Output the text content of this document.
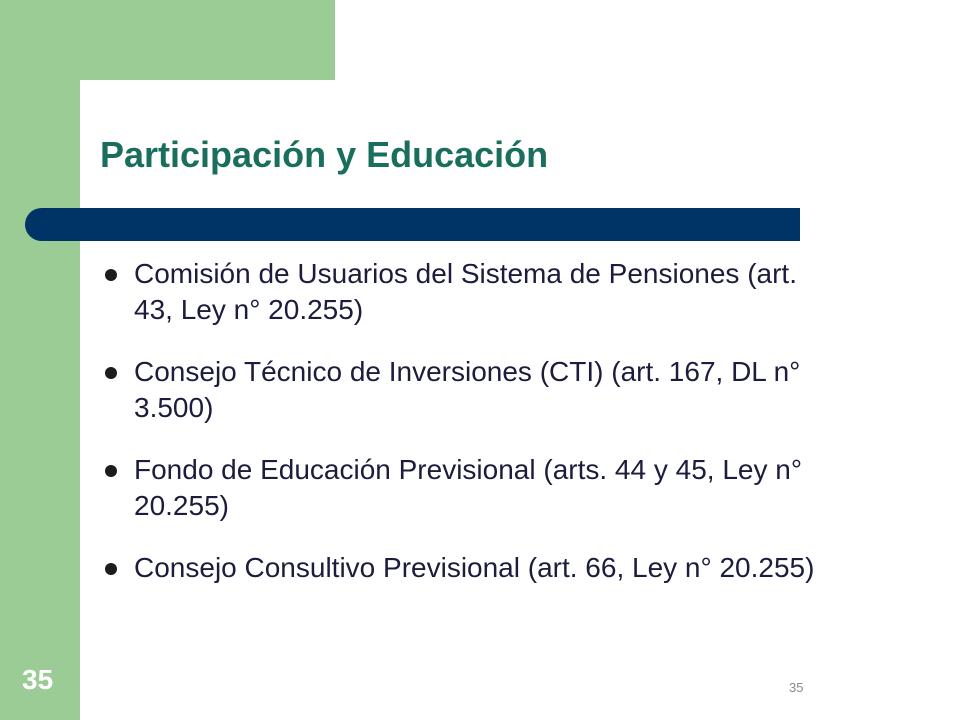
Participación y Educación
Comisión de Usuarios del Sistema de Pensiones (art. 43, Ley n° 20.255)
Consejo Técnico de Inversiones (CTI) (art. 167, DL n° 3.500)
Fondo de Educación Previsional (arts. 44 y 45, Ley n° 20.255)
Consejo Consultivo Previsional (art. 66, Ley n° 20.255)
35	35
